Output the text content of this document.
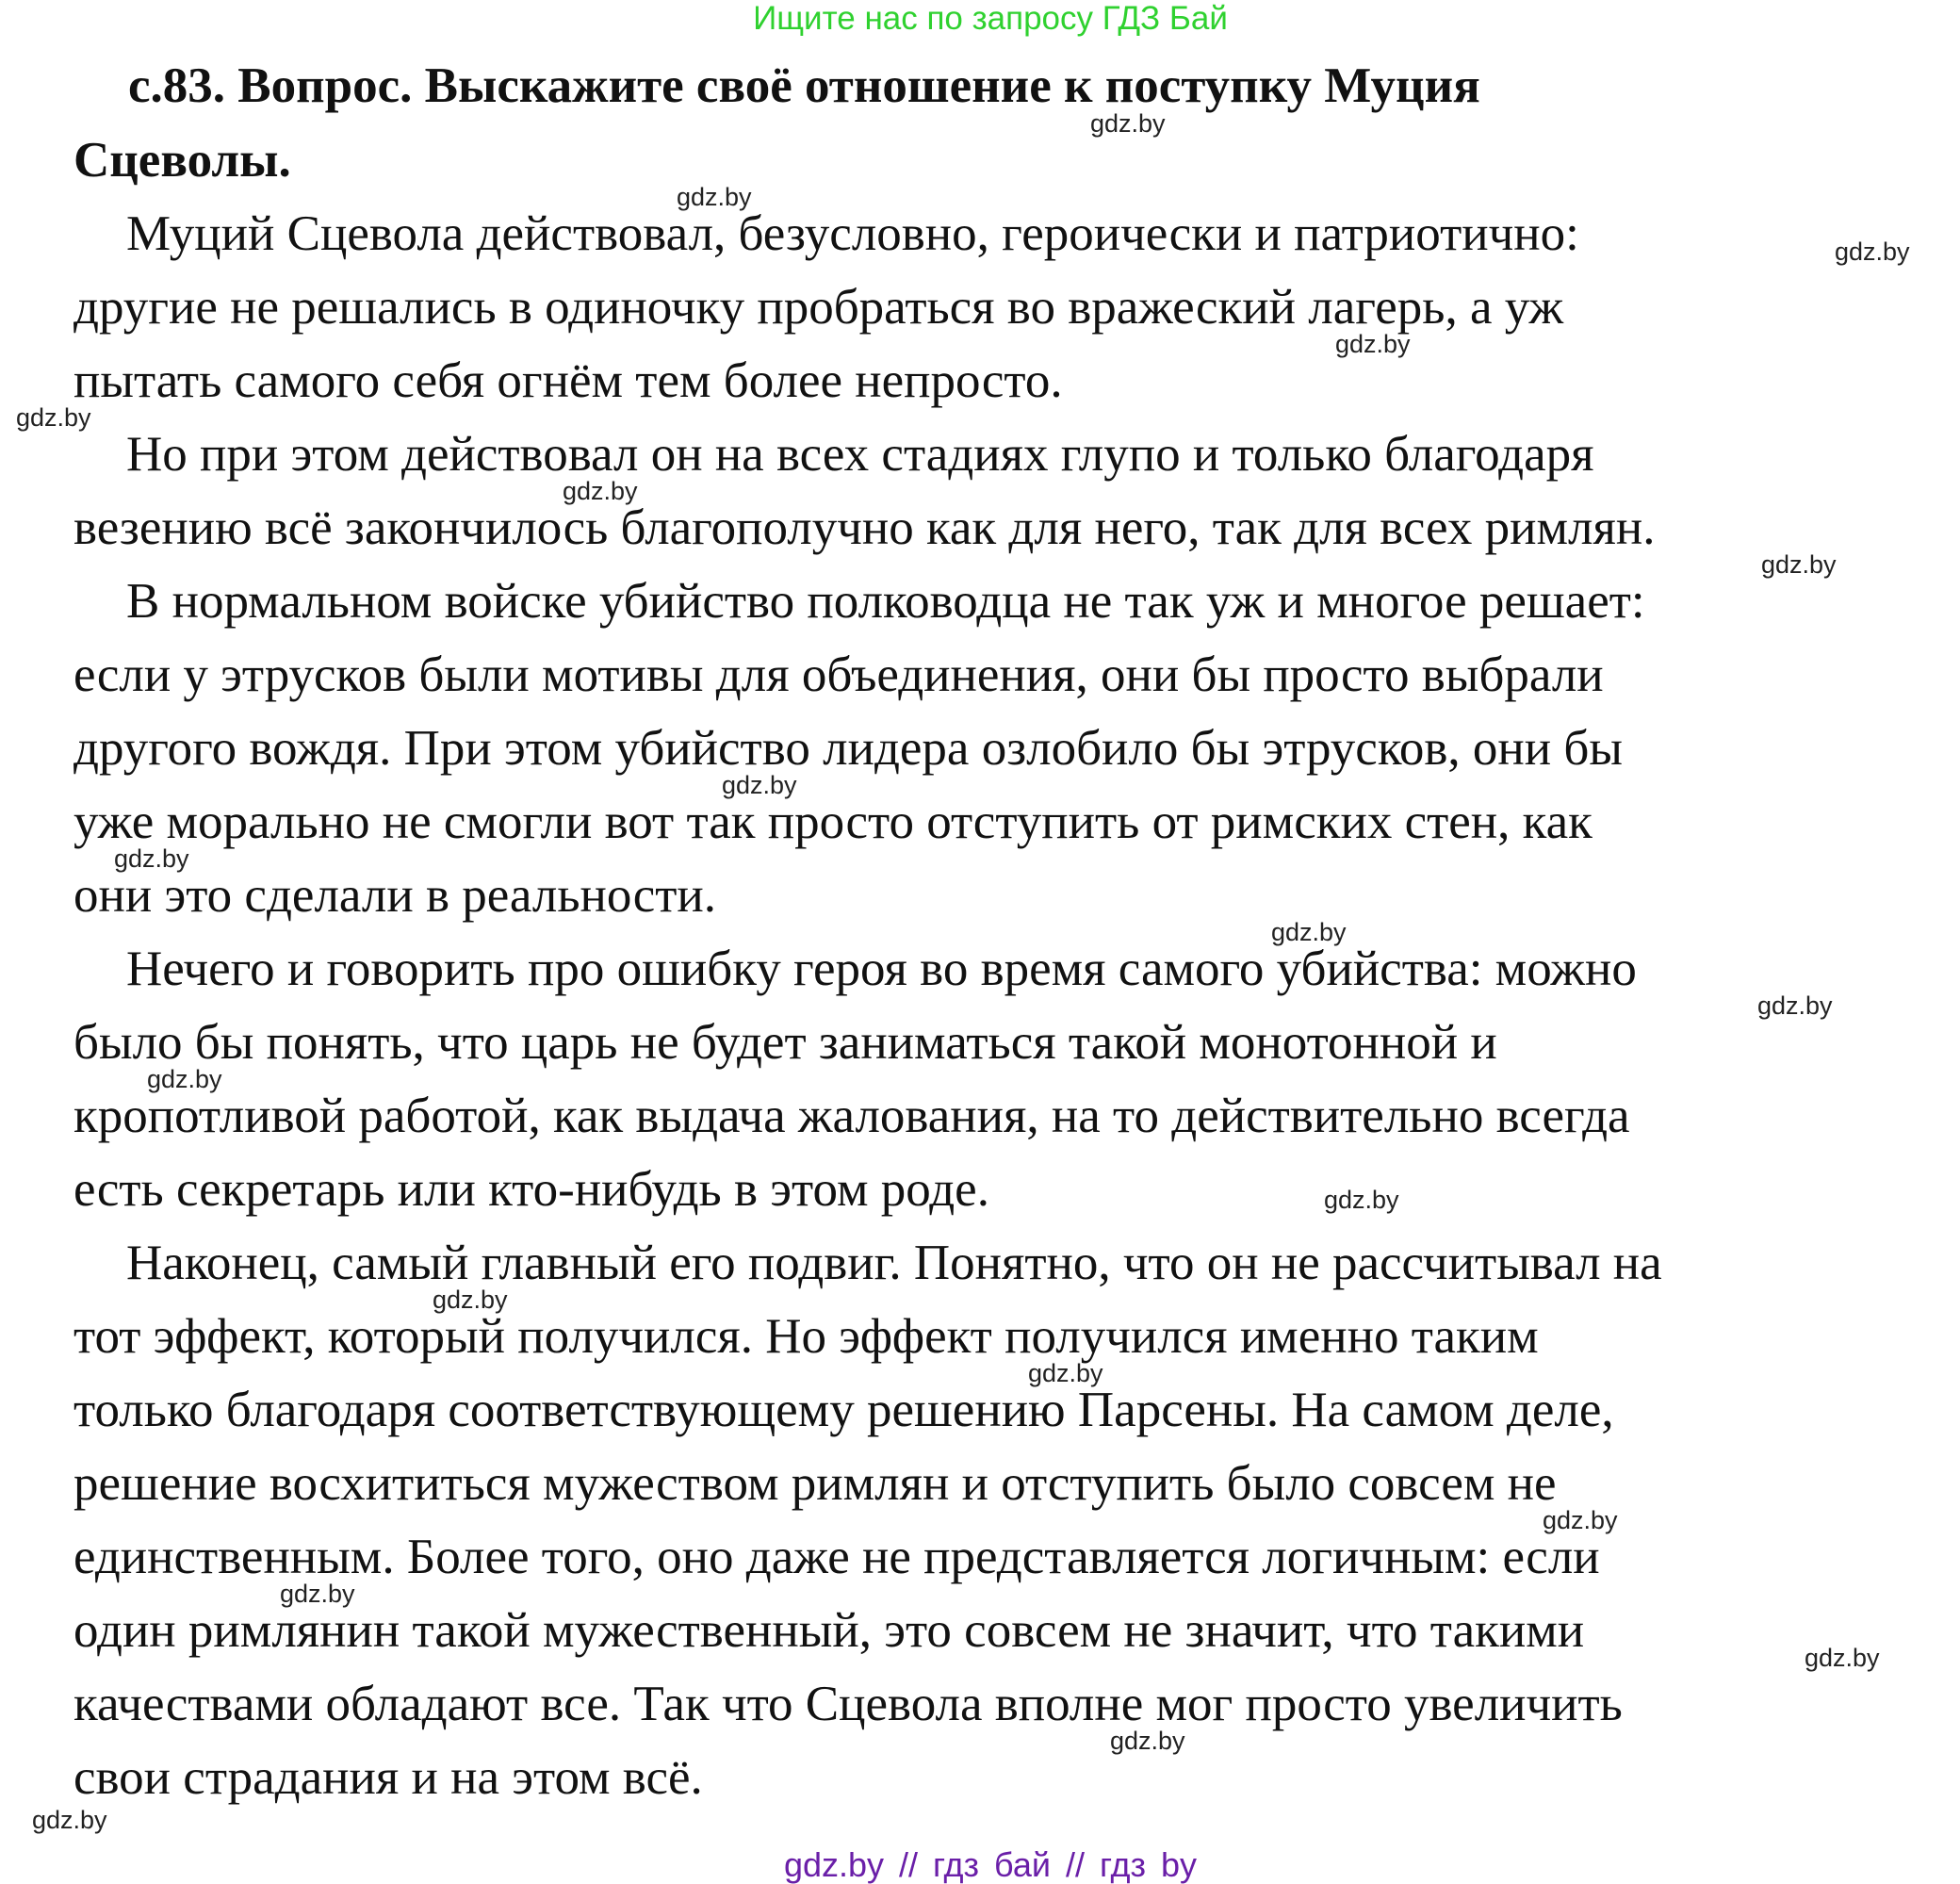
Ищите нас по запросу ГДЗ Бай
с.83. Вопрос. Выскажите своё отношение к поступку Муция
Сцеволы.
Муций Сцевола действовал, безусловно, героически и патриотично:
другие не решались в одиночку пробраться во вражеский лагерь, а уж
пытать самого себя огнём тем более непросто.
Но при этом действовал он на всех стадиях глупо и только благодаря
везению всё закончилось благополучно как для него, так для всех римлян.
В нормальном войске убийство полководца не так уж и многое решает:
если у этрусков были мотивы для объединения, они бы просто выбрали
другого вождя. При этом убийство лидера озлобило бы этрусков, они бы
уже морально не смогли вот так просто отступить от римских стен, как
они это сделали в реальности.
Нечего и говорить про ошибку героя во время самого убийства: можно
было бы понять, что царь не будет заниматься такой монотонной и
кропотливой работой, как выдача жалования, на то действительно всегда
есть секретарь или кто-нибудь в этом роде.
Наконец, самый главный его подвиг. Понятно, что он не рассчитывал на
тот эффект, который получился. Но эффект получился именно таким
только благодаря соответствующему решению Парсены. На самом деле,
решение восхититься мужеством римлян и отступить было совсем не
единственным. Более того, оно даже не представляется логичным: если
один римлянин такой мужественный, это совсем не значит, что такими
качествами обладают все. Так что Сцевола вполне мог просто увеличить
свои страдания и на этом всё.
gdz.by
gdz.by
gdz.by
gdz.by
gdz.by
gdz.by
gdz.by
gdz.by
gdz.by
gdz.by
gdz.by
gdz.by
gdz.by
gdz.by
gdz.by
gdz.by
gdz.by
gdz.by
gdz.by
gdz.by
gdz.by // гдз бай // гдз by
